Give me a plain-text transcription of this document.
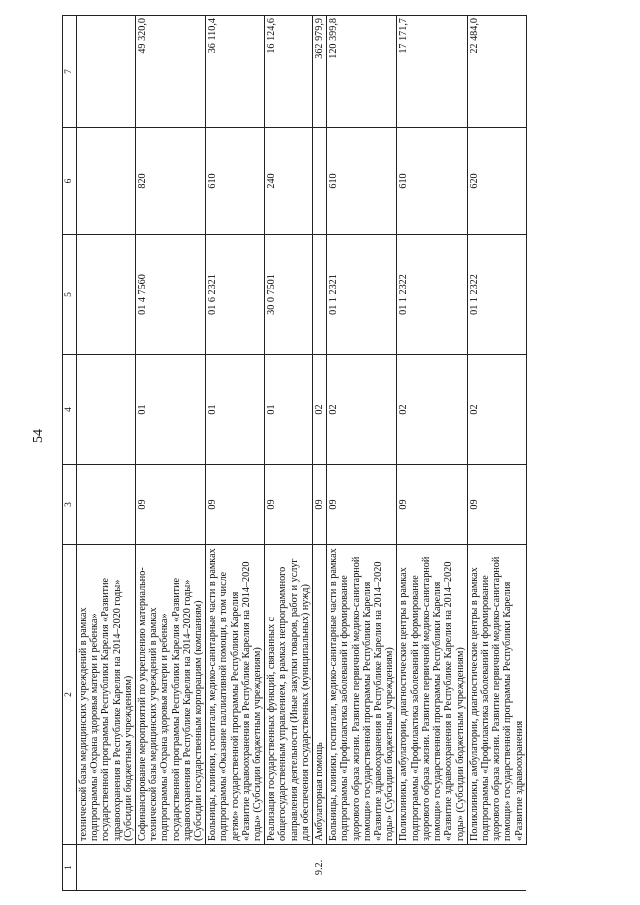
54
1	2	3	4	5	6	7
	технической базы медицинских учреждений в рамках подпрограммы «Охрана здоровья матери и ребенка» государственной программы Республики Карелия «Развитие здравоохранения в Республике Карелия на 2014–2020 годы» (Субсидии бюджетным учреждениям)					
	Софинансирование мероприятий по укреплению материально-технической базы медицинских учреждений в рамках подпрограммы «Охрана здоровья матери и ребенка» государственной программы Республики Карелия «Развитие здравоохранения в Республике Карелия на 2014–2020 годы» (Субсидии государственным корпорациям (компаниям)	09	01	01 4 7560	820	49 320,0
	Больницы, клиники, госпитали, медико-санитарные части в рамках подпрограммы «Оказание паллиативной помощи, в том числе детям» государственной программы Республики Карелия «Развитие здравоохранения в Республике Карелия на 2014–2020 годы» (Субсидии бюджетным учреждениям)	09	01	01 6 2321	610	36 110,4
	Реализация государственных функций, связанных с общегосударственным управлением, в рамках непрограммного направления деятельности (Иные закупки товаров, работ и услуг для обеспечения государственных (муниципальных) нужд)	09	01	30 0 7501	240	16 124,6
9.2.	Амбулаторная помощь	09	02			362 979,9
	Больницы, клиники, госпитали, медико-санитарные части в рамках подпрограммы «Профилактика заболеваний и формирование здорового образа жизни. Развитие первичной медико-санитарной помощи» государственной программы Республики Карелия «Развитие здравоохранения в Республике Карелия на 2014–2020 годы» (Субсидии бюджетным учреждениям)	09	02	01 1 2321	610	120 399,8
	Поликлиники, амбулатории, диагностические центры в рамках подпрограммы «Профилактика заболеваний и формирование здорового образа жизни. Развитие первичной медико-санитарной помощи» государственной программы Республики Карелия «Развитие здравоохранения в Республике Карелия на 2014–2020 годы» (Субсидии бюджетным учреждениям)	09	02	01 1 2322	610	17 171,7
	Поликлиники, амбулатории, диагностические центры в рамках подпрограммы «Профилактика заболеваний и формирование здорового образа жизни. Развитие первичной медико-санитарной помощи» государственной программы Республики Карелия «Развитие здравоохранения	09	02	01 1 2322	620	22 484,0
